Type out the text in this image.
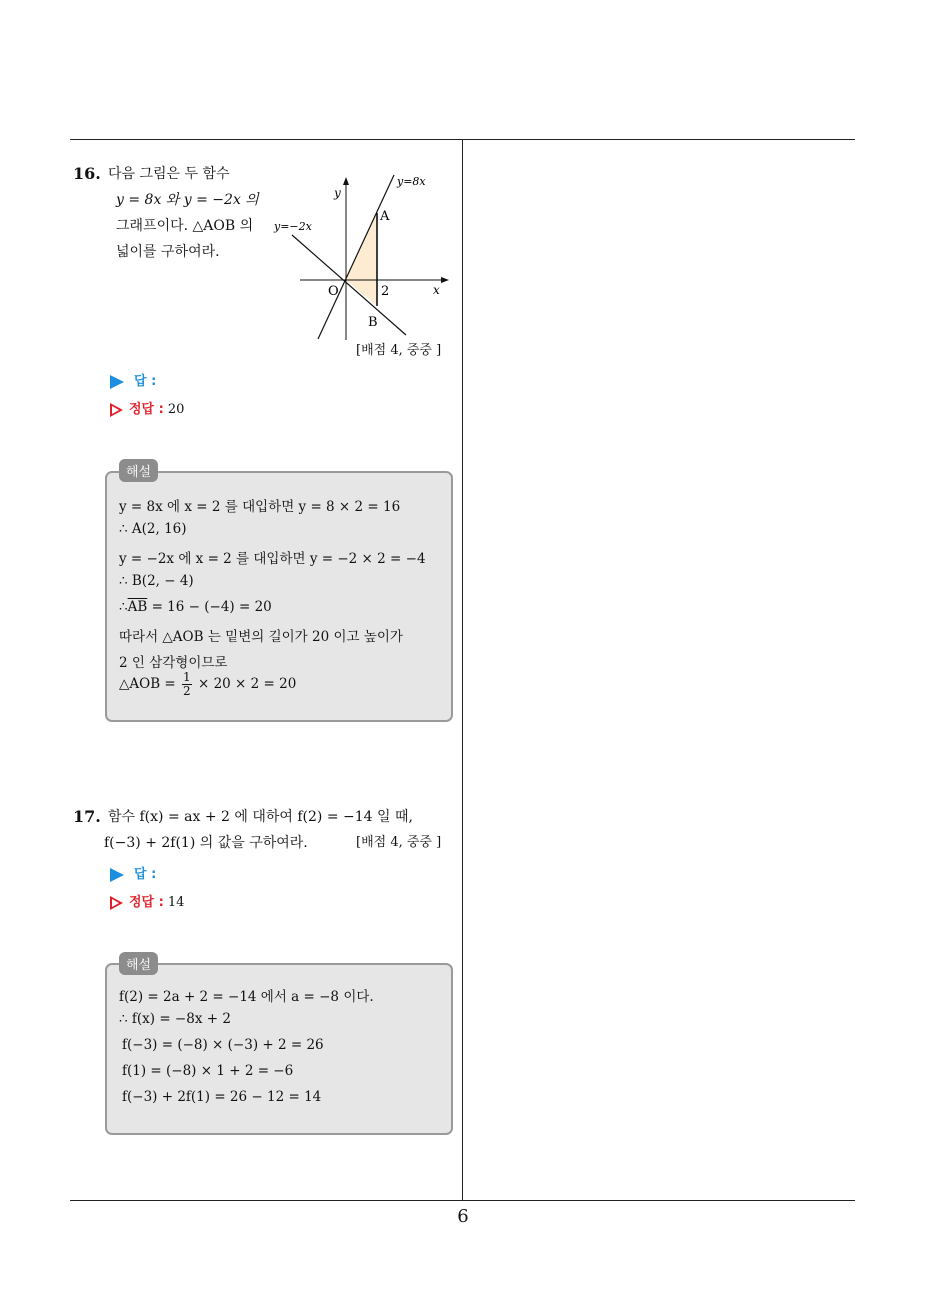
16. 다음 그림은 두 함수
y = 8x 와 y = −2x 의
그래프이다. △AOB 의
넓이를 구하여라.
y
x
O
y=8x
y=−2x
A
B
2
[배점 4, 중중 ]
답 :
정답 : 20
y = 8x 에 x = 2 를 대입하면 y = 8 × 2 = 16
∴ A(2, 16)
y = −2x 에 x = 2 를 대입하면 y = −2 × 2 = −4
∴ B(2, − 4)
$\therefore\overline{AB} = 16 - (-4) = 20$
따라서 △AOB 는 밑변의 길이가 20 이고 높이가
2 인 삼각형이므로
△AOB = $\frac{1}{2} \times 20 \times 2 = 20$
해설
17. 함수 f(x) = ax + 2 에 대하여 f(2) = −14 일 때,
f(−3) + 2f(1) 의 값을 구하여라.	[배점 4, 중중 ]
답 :
정답 : 14
f(2) = 2a + 2 = −14 에서 a = −8 이다.
∴ f(x) = −8x + 2
f(−3) = (−8) × (−3) + 2 = 26
f(1) = (−8) × 1 + 2 = −6
f(−3) + 2f(1) = 26 − 12 = 14
해설
6
